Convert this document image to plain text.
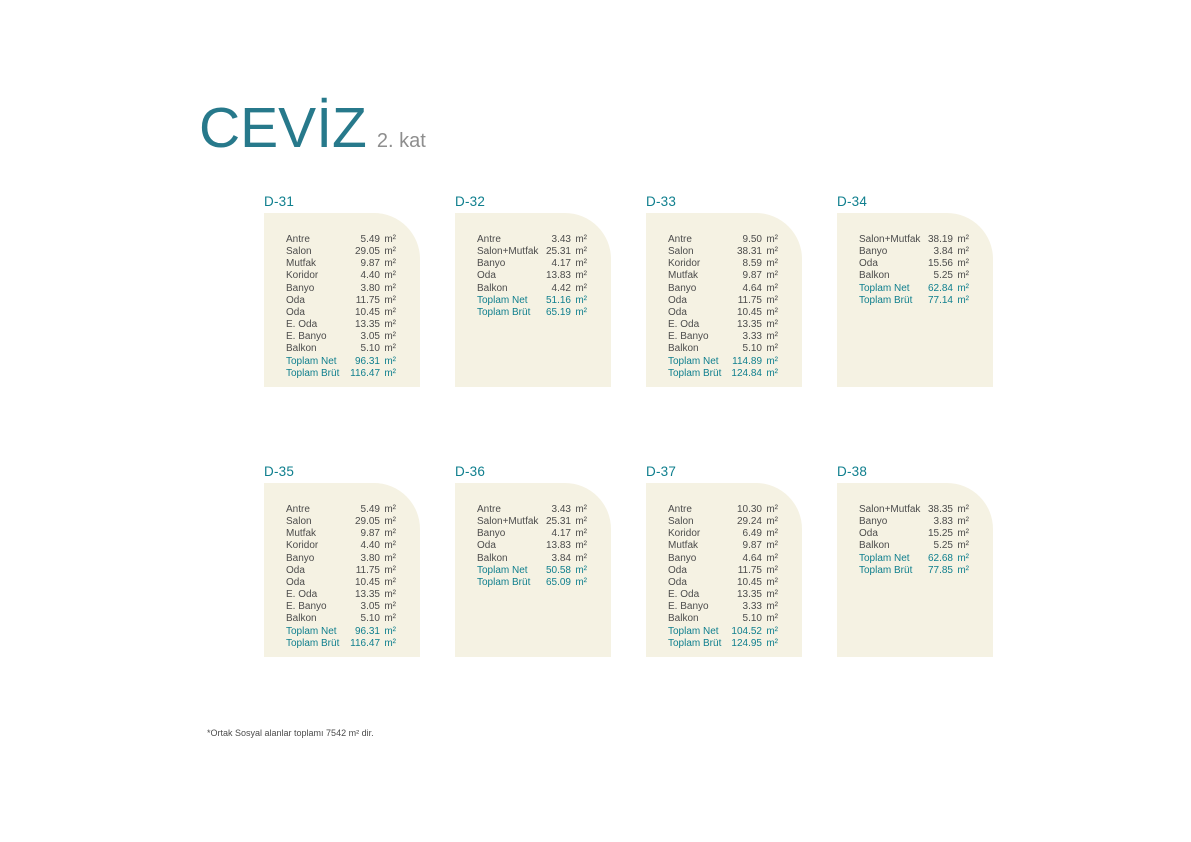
CEVİZ 2. kat
D-31
Antre	5.49 m²
Salon	29.05 m²
Mutfak	9.87 m²
Koridor	4.40 m²
Banyo	3.80 m²
Oda	11.75 m²
Oda	10.45 m²
E. Oda	13.35 m²
E. Banyo	3.05 m²
Balkon	5.10 m²
Toplam Net 96.31 m²
Toplam Brüt 116.47 m²
D-32
Antre	3.43 m²
Salon+Mutfak 25.31 m²
Banyo	4.17 m²
Oda	13.83 m²
Balkon	4.42 m²
Toplam Net 51.16 m²
Toplam Brüt 65.19 m²
D-33
Antre	9.50 m²
Salon	38.31 m²
Koridor	8.59 m²
Mutfak	9.87 m²
Banyo	4.64 m²
Oda	11.75 m²
Oda	10.45 m²
E. Oda	13.35 m²
E. Banyo	3.33 m²
Balkon	5.10 m²
Toplam Net 114.89 m²
Toplam Brüt 124.84 m²
D-34
Salon+Mutfak 38.19 m²
Banyo	3.84 m²
Oda	15.56 m²
Balkon	5.25 m²
Toplam Net 62.84 m²
Toplam Brüt 77.14 m²
D-35
Antre	5.49 m²
Salon	29.05 m²
Mutfak	9.87 m²
Koridor	4.40 m²
Banyo	3.80 m²
Oda	11.75 m²
Oda	10.45 m²
E. Oda	13.35 m²
E. Banyo	3.05 m²
Balkon	5.10 m²
Toplam Net 96.31 m²
Toplam Brüt 116.47 m²
D-36
Antre	3.43 m²
Salon+Mutfak 25.31 m²
Banyo	4.17 m²
Oda	13.83 m²
Balkon	3.84 m²
Toplam Net 50.58 m²
Toplam Brüt 65.09 m²
D-37
Antre	10.30 m²
Salon	29.24 m²
Koridor	6.49 m²
Mutfak	9.87 m²
Banyo	4.64 m²
Oda	11.75 m²
Oda	10.45 m²
E. Oda	13.35 m²
E. Banyo	3.33 m²
Balkon	5.10 m²
Toplam Net 104.52 m²
Toplam Brüt 124.95 m²
D-38
Salon+Mutfak 38.35 m²
Banyo	3.83 m²
Oda	15.25 m²
Balkon	5.25 m²
Toplam Net 62.68 m²
Toplam Brüt 77.85 m²
*Ortak Sosyal alanlar toplamı 7542 m² dir.
